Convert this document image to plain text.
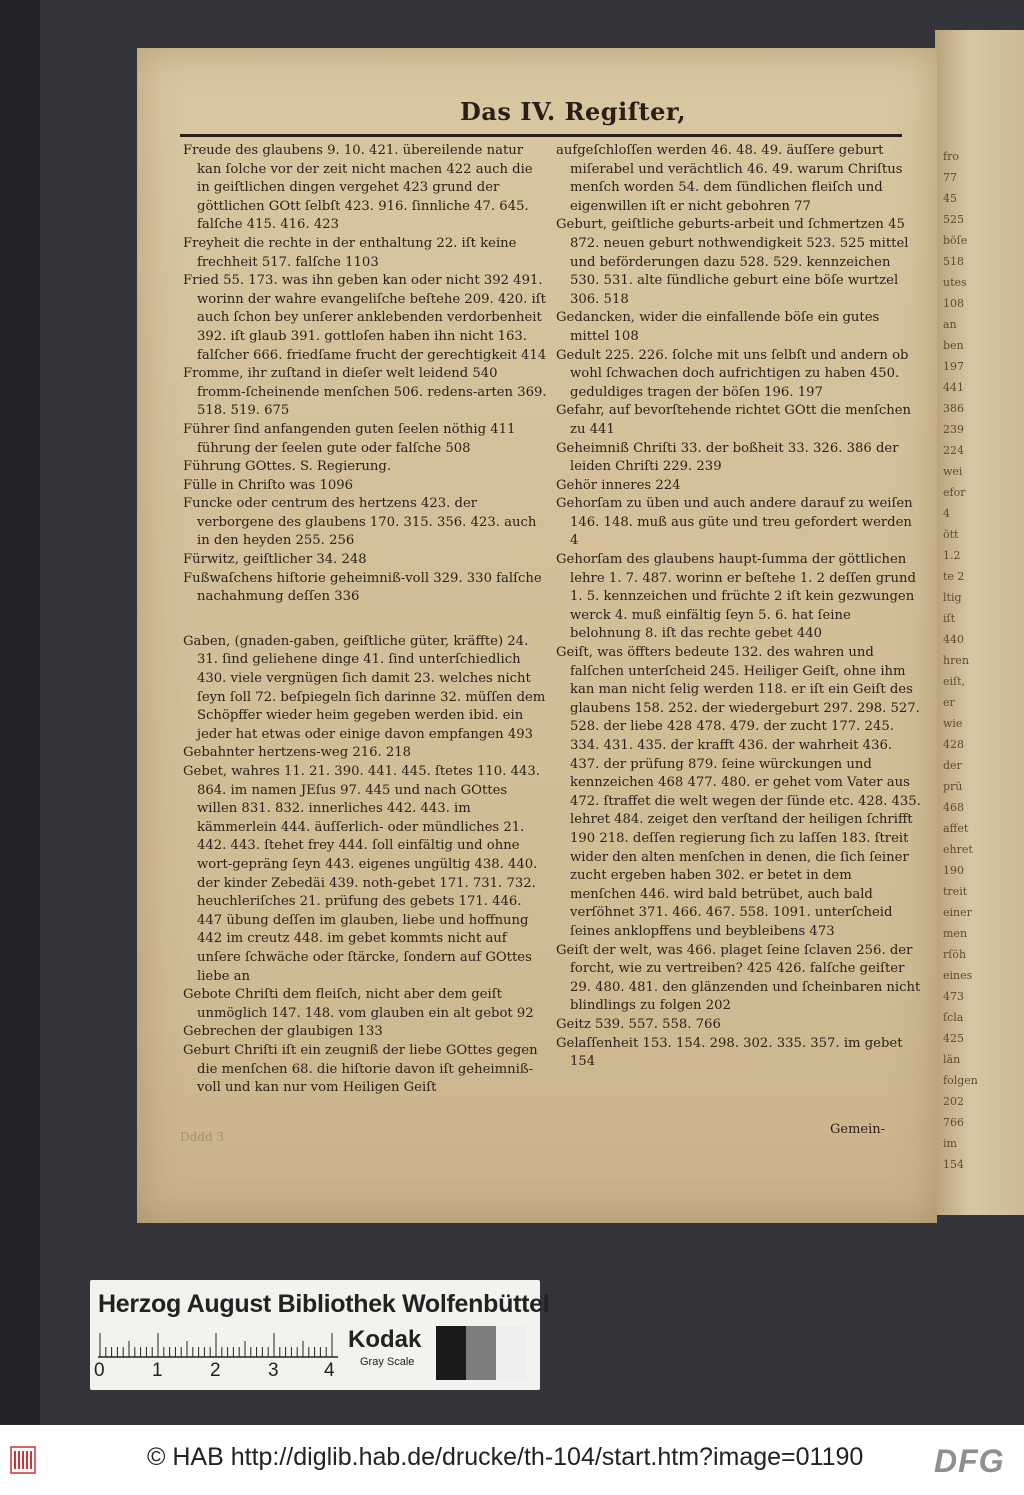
fro
77
45
525
böſe
518
utes
108
an
ben
197
441
386
239
224
wei
efor
4
ött
1.2
te 2
ltig
iſt
440
hren
eiſt,
er
wie
428
der
prü
468
affet
ehret
190
treit
einer
men
rſöh
eines
473
ſcla
425
län
folgen
202
766
im
154
Das IV. Regiſter,

Freude des glaubens 9. 10. 421. übereilende natur kan ſolche vor der zeit nicht machen 422 auch die in geiſtlichen dingen vergehet 423 grund der göttlichen GOtt ſelbſt 423. 916. ſinnliche 47. 645. falſche 415. 416. 423

Freyheit die rechte in der enthaltung 22. iſt keine frechheit 517. falſche 1103

Fried 55. 173. was ihn geben kan oder nicht 392 491. worinn der wahre evangeliſche beſtehe 209. 420. iſt auch ſchon bey unſerer anklebenden verdorbenheit 392. iſt glaub 391. gottloſen haben ihn nicht 163. falſcher 666. friedſame frucht der gerechtigkeit 414

Fromme, ihr zuſtand in dieſer welt leidend 540 fromm-ſcheinende menſchen 506. redens-arten 369. 518. 519. 675

Führer ſind anfangenden guten ſeelen nöthig 411 führung der ſeelen gute oder falſche 508

Führung GOttes. S. Regierung.

Fülle in Chriſto was 1096

Funcke oder centrum des hertzens 423. der verborgene des glaubens 170. 315. 356. 423. auch in den heyden 255. 256

Fürwitz, geiſtlicher 34. 248

Fußwaſchens hiſtorie geheimniß-voll 329. 330 falſche nachahmung deſſen 336

Gaben, (gnaden-gaben, geiſtliche güter, kräffte) 24. 31. ſind geliehene dinge 41. ſind unterſchiedlich 430. viele vergnügen ſich damit 23. welches nicht ſeyn ſoll 72. beſpiegeln ſich darinne 32. müſſen dem Schöpffer wieder heim gegeben werden ibid. ein jeder hat etwas oder einige davon empfangen 493

Gebahnter hertzens-weg 216. 218

Gebet, wahres 11. 21. 390. 441. 445. ſtetes 110. 443. 864. im namen JEſus 97. 445 und nach GOttes willen 831. 832. innerliches 442. 443. im kämmerlein 444. äuſſerlich- oder mündliches 21. 442. 443. ſtehet frey 444. ſoll einfältig und ohne wort-gepräng ſeyn 443. eigenes ungültig 438. 440. der kinder Zebedäi 439. noth-gebet 171. 731. 732. heuchleriſches 21. prüfung des gebets 171. 446. 447 übung deſſen im glauben, liebe und hoffnung 442 im creutz 448. im gebet kommts nicht auf unſere ſchwäche oder ſtärcke, ſondern auf GOttes liebe an

Gebote Chriſti dem fleiſch, nicht aber dem geiſt unmöglich 147. 148. vom glauben ein alt gebot 92

Gebrechen der glaubigen 133

Geburt Chriſti iſt ein zeugniß der liebe GOttes gegen die menſchen 68. die hiſtorie davon iſt geheimniß-voll und kan nur vom Heiligen Geiſt

aufgeſchloſſen werden 46. 48. 49. äuſſere geburt miſerabel und verächtlich 46. 49. warum Chriſtus menſch worden 54. dem ſündlichen fleiſch und eigenwillen iſt er nicht gebohren 77

Geburt, geiſtliche geburts-arbeit und ſchmertzen 45 872. neuen geburt nothwendigkeit 523. 525 mittel und beförderungen dazu 528. 529. kennzeichen 530. 531. alte ſündliche geburt eine böſe wurtzel 306. 518

Gedancken, wider die einfallende böſe ein gutes mittel 108

Gedult 225. 226. ſolche mit uns ſelbſt und andern ob wohl ſchwachen doch aufrichtigen zu haben 450. geduldiges tragen der böſen 196. 197

Gefahr, auf bevorſtehende richtet GOtt die menſchen zu 441

Geheimniß Chriſti 33. der boßheit 33. 326. 386 der leiden Chriſti 229. 239

Gehör inneres 224

Gehorſam zu üben und auch andere darauf zu weiſen 146. 148. muß aus güte und treu gefordert werden 4

Gehorſam des glaubens haupt-ſumma der göttlichen lehre 1. 7. 487. worinn er beſtehe 1. 2 deſſen grund 1. 5. kennzeichen und früchte 2 iſt kein gezwungen werck 4. muß einfältig ſeyn 5. 6. hat ſeine belohnung 8. iſt das rechte gebet 440

Geiſt, was öffters bedeute 132. des wahren und falſchen unterſcheid 245. Heiliger Geiſt, ohne ihm kan man nicht ſelig werden 118. er iſt ein Geiſt des glaubens 158. 252. der wiedergeburt 297. 298. 527. 528. der liebe 428 478. 479. der zucht 177. 245. 334. 431. 435. der krafft 436. der wahrheit 436. 437. der prüfung 879. ſeine würckungen und kennzeichen 468 477. 480. er gehet vom Vater aus 472. ſtraffet die welt wegen der ſünde etc. 428. 435. lehret 484. zeiget den verſtand der heiligen ſchrifft 190 218. deſſen regierung ſich zu laſſen 183. ſtreit wider den alten menſchen in denen, die ſich ſeiner zucht ergeben haben 302. er betet in dem menſchen 446. wird bald betrübet, auch bald verſöhnet 371. 466. 467. 558. 1091. unterſcheid ſeines anklopffens und beybleibens 473

Geiſt der welt, was 466. plaget ſeine ſclaven 256. der forcht, wie zu vertreiben? 425 426. falſche geiſter 29. 480. 481. den glänzenden und ſcheinbaren nicht blindlings zu folgen 202

Geitz 539. 557. 558. 766

Gelaſſenheit 153. 154. 298. 302. 335. 357. im gebet 154

Dddd 3	Gemein-
Herzog August Bibliothek Wolfenbüttel
0 1 2 3 4
Kodak
Gray Scale
© HAB http://diglib.hab.de/drucke/th-104/start.htm?image=01190 DFG
